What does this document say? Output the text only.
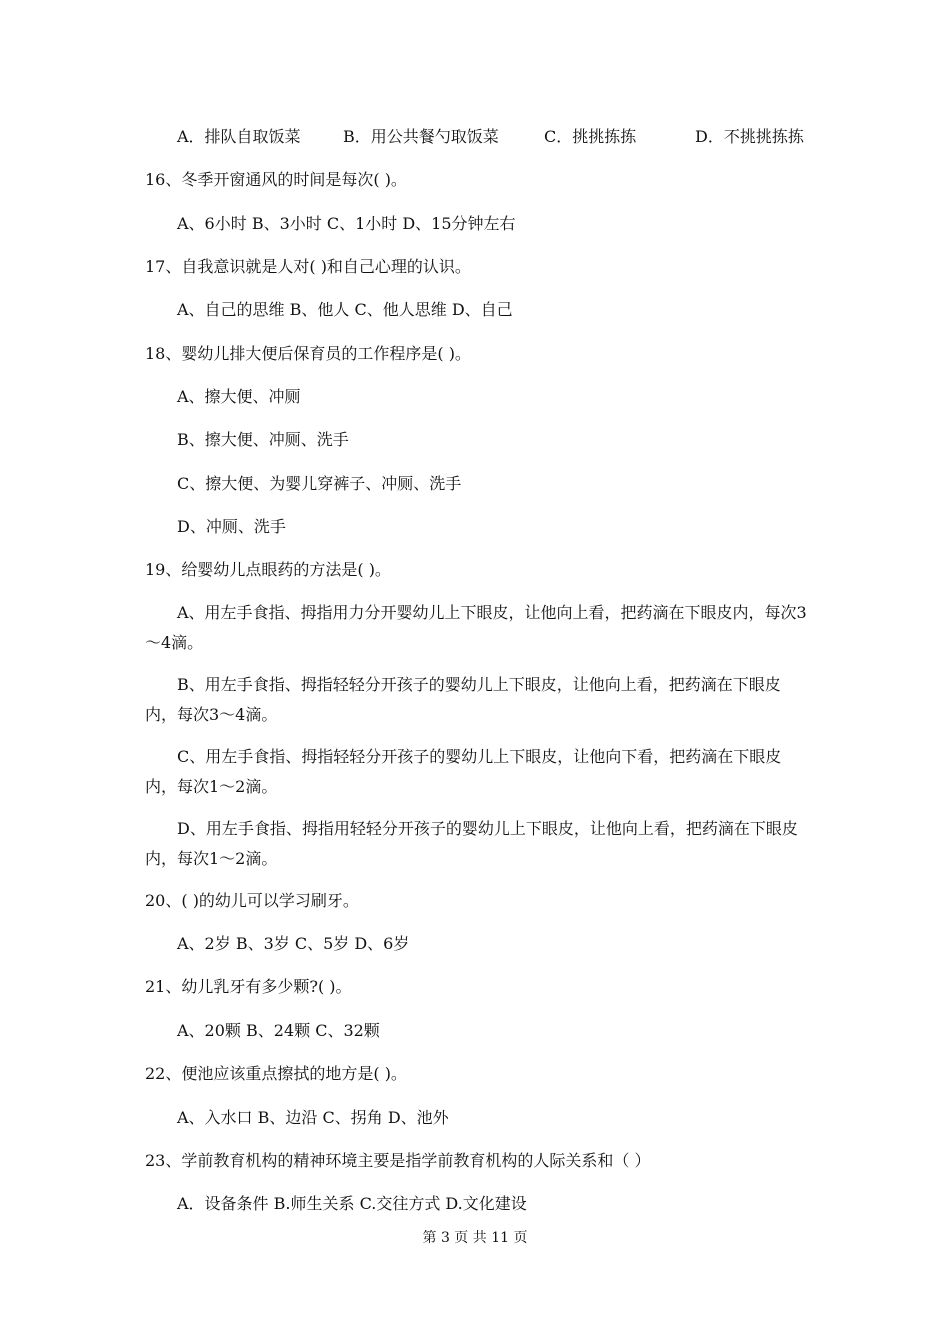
A．排队自取饭菜	B．用公共餐勺取饭菜	C．挑挑拣拣	D．不挑挑拣拣
16、冬季开窗通风的时间是每次( )。
A、6小时 B、3小时 C、1小时 D、15分钟左右
17、自我意识就是人对( )和自己心理的认识。
A、自己的思维 B、他人 C、他人思维 D、自己
18、婴幼儿排大便后保育员的工作程序是( )。
A、擦大便、冲厕
B、擦大便、冲厕、洗手
C、擦大便、为婴儿穿裤子、冲厕、洗手
D、冲厕、洗手
19、给婴幼儿点眼药的方法是( )。
A、用左手食指、拇指用力分开婴幼儿上下眼皮，让他向上看，把药滴在下眼皮内，每次3～4滴。
B、用左手食指、拇指轻轻分开孩子的婴幼儿上下眼皮，让他向上看，把药滴在下眼皮内，每次3～4滴。
C、用左手食指、拇指轻轻分开孩子的婴幼儿上下眼皮，让他向下看，把药滴在下眼皮内，每次1～2滴。
D、用左手食指、拇指用轻轻分开孩子的婴幼儿上下眼皮，让他向上看，把药滴在下眼皮内，每次1～2滴。
20、( )的幼儿可以学习刷牙。
A、2岁 B、3岁 C、5岁 D、6岁
21、幼儿乳牙有多少颗?( )。
A、20颗 B、24颗 C、32颗
22、便池应该重点擦拭的地方是( )。
A、入水口 B、边沿 C、拐角 D、池外
23、学前教育机构的精神环境主要是指学前教育机构的人际关系和（ ）
A．设备条件 B.师生关系 C.交往方式 D.文化建设
第 3 页 共 11 页
